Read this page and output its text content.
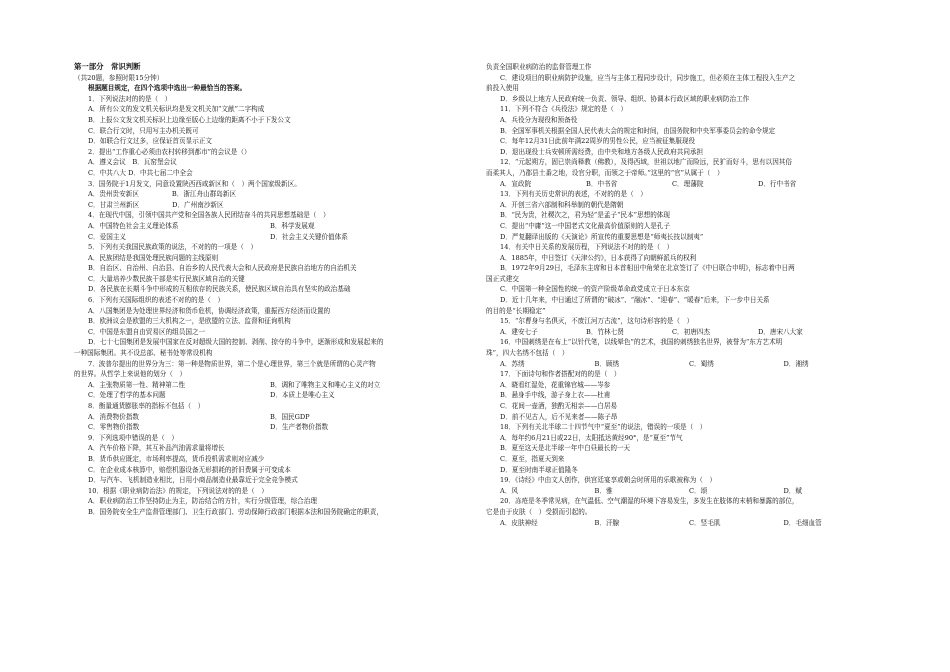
第一部分　常识判断
（共20题，参照时限15分钟）
根据题目规定，在四个选项中选出一种最恰当的答案。
1．下列说法对的的是（　）
A．所有公文的发文机关标识均是发文机关加“文献”二字构成
B．上报公文发文机关标识上边缘至版心上边缘的距离不小于下发公文
C．联合行文时，只用写主办机关既可
D．如联合行文过多，应保证首页显示正文
2．提出“工作重心必须由农村转移到都市”的会议是（）
A．遵义会议　B．瓦窑堡会议
C．中共八大 D．中共七届二中全会
3．国务院于1月发文，同意设置陕西西咸新区和（　）两个国家级新区。
A．贵州贵安新区　　　　　B．浙江舟山群岛新区
C．甘肃兰州新区　　　　　D．广州南沙新区
4．在现代中国，引领中国共产党和全国各族人民团结奋斗的共同思想基础是（　）
A．中国特色社会主义理论体系	B．科学发展观
C．爱国主义	D．社会主义关键价值体系
5．下列有关我国民族政策的说法，不对的的一项是（　）
A．民族团结是我国处理民族问题的主线原则
B．自治区、自治州、自治县、自治乡的人民代表大会和人民政府是民族自治地方的自治机关
C．大量培养少数民族干部是实行民族区域自治的关键
D．各民族在长期斗争中形成的互相依存的民族关系，使民族区域自治具有坚实的政治基础
6．下列有关国际组织的表述不对的的是（　）
A．八国集团是为处理世界经济和货币危机，协调经济政策，重振西方经济而设置的
B．欧洲议会是欧盟的三大机构之一，是欧盟的立法、监督和征询机构
C．中国是东盟自由贸易区的组员国之一
D．七十七国集团是发展中国家在反对超级大国的控制、剥削、掠夺的斗争中，逐渐形成和发展起来的
一种国际集团。其不设总部、秘书处等常设机构
7．波普尔提出的世界分为三：第一种是物质世界，第二个是心理世界，第三个就是所谓的心灵产物
的世界。从哲学上来说他的划分（　）
A．主张物质第一性、精神第二性	B．调和了唯物主义和唯心主义的对立
C．处理了哲学的基本问题	D．本质上是唯心主义
8．衡量通货膨胀率的指标不包括（　）
A．消费物价指数	B．国民GDP
C．零售物价指数	D．生产者物价指数
9．下列选项中错误的是（　）
A．汽车价格下降，其互补品汽油需求量将增长
B．货币供应既定，市场利率提高，货币投机需求则对应减少
C．在企业成本核算中，赔偿机器设备无形损耗的折旧费属于可变成本
D．与汽车、飞机制造业相比，日用小商品制造业最靠近于完全竞争模式
10．根据《职业病防治法》的规定，下列说法对的的是（　）
A．职业病防治工作坚持防止为主，防治结合的方针，实行分级管理，综合治理
B．国务院安全生产监督管理部门、卫生行政部门、劳动保障行政部门根据本法和国务院确定的职责，
负责全国职业病防治的监督管理工作
C．建设项目的职业病防护设施，应当与主体工程同步设计，同步施工，但必须在主体工程投入生产之
前投入使用
D．乡级以上地方人民政府统一负责、领导、组织、协调本行政区域的职业病防治工作
11．下列不符合《兵役法》规定的是（　）
A．兵役分为现役和预备役
B．全国军事机关根据全国人民代表大会的规定和时间，由国务院和中央军事委员会的命令规定
C．每年12月31日此前年满22周岁的男性公民，应当被征集服现役
D．退出现役士兵安顿所需经费，由中央和地方各级人民政府共同承担
12．“元起朔方，固已崇尚释教（佛教），及得西域，世祖以地广而险远，民犷而好斗，思有以因其俗
而柔其人，乃郡县土番之地，设官分职，而领之于帝师。”这里的“官”从属于（　）
A．宣政院	B．中书省	C．理藩院	D．行中书省
13．下列有关历史常识的表述，不对的的是（　）
A．开创三省六部制和科举制的朝代是隋朝
B．“民为贵，社稷次之，君为轻”是孟子“民本”思想的体现
C．提出“中庸”这一中国老式文化最高价值原则的人是孔子
D．严复翻译出版的《天演论》所宣传的重要思想是“师夷长技以制夷”
14．有关中日关系的发展历程，下列说法不对的的是（　）
A．1885年，中日签订《天津公约》，日本获得了向朝鲜派兵的权利
B．1972年9月29日，毛泽东主席和日本首相田中角荣在北京签订了《中日联合申明》，标志着中日两
国正式建交
C．中国第一种全国性的统一的资产阶级革命政党成立于日本东京
D．近十几年来，中日通过了所谓的“破冰”、“融冰”、“迎春”、“暖春”后来，下一步中日关系
的目的是“长期稳定”
15．“尔曹身与名俱灭，不废江河万古流”，这句诗形容的是（　）
A．建安七子	B．竹林七贤	C．初唐四杰	D．唐宋八大家
16．中国刺绣是在布上“以针代笔，以线晕色”的艺术，我国的刺绣独名世界，被誉为“东方艺术明
珠”，四大名绣不包括（　）
A．苏绣	B．顾绣	C．蜀绣	D．湘绣
17．下面诗句和作者搭配对的的是（　）
A．晓看红湿处，花重锦官城——岑参
B．悬身手中线，游子身上衣——杜甫
C．花间一壶酒，独酌无相亲——白居易
D．前不见古人，后不见来者——陈子昂
18．下列有关北半球二十四节气中“夏至”的说法，错误的一项是（　）
A．每年约6月21日或22日，太阳抵达黄经90°，是“夏至”节气
B．夏至这天是北半球一年中白昼最长的一天
C．夏至，指夏天到来
D．夏至时南半球正值隆冬
19．《诗经》中由文人创作，供宫廷宴享或朝会时所用的乐歌被称为（　）
A．风	B．雅	C．颂	D．赋
20．冻疮是冬季常见病，在气温低、空气潮湿的环境下容易发生，多发生在肢体的末梢和暴露的部位，
它是由于皮肤（　）受损而引起的。
A．皮肤神经	B．汗腺	C．竖毛肌	D．毛细血管
